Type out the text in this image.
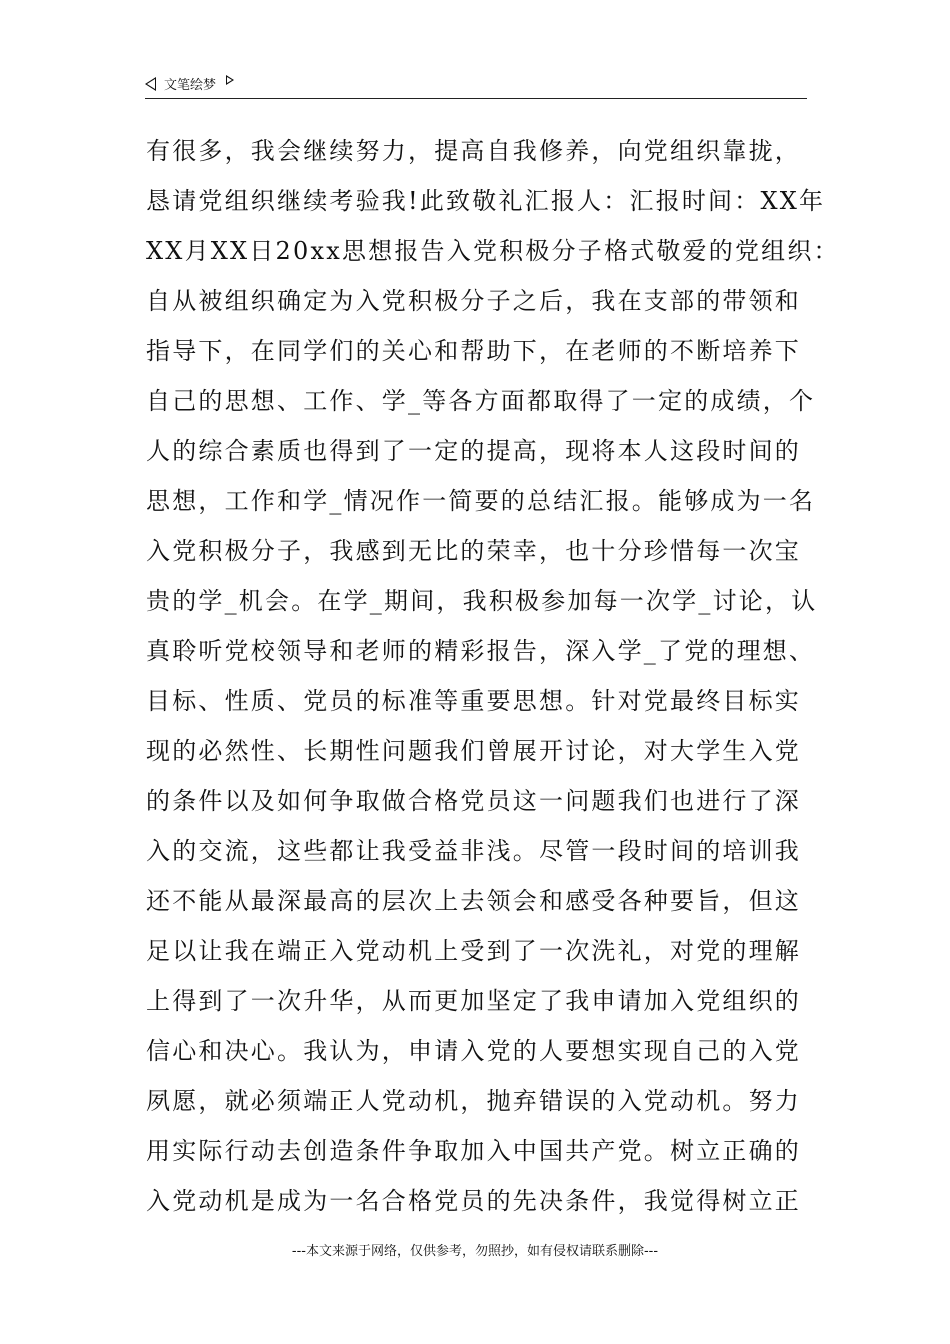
文笔绘梦
有很多，我会继续努力，提高自我修养，向党组织靠拢，
恳请党组织继续考验我!此致敬礼汇报人：汇报时间：XX年
XX月XX日20xx思想报告入党积极分子格式敬爱的党组织：
自从被组织确定为入党积极分子之后，我在支部的带领和
指导下，在同学们的关心和帮助下，在老师的不断培养下
自己的思想、工作、学_等各方面都取得了一定的成绩，个
人的综合素质也得到了一定的提高，现将本人这段时间的
思想，工作和学_情况作一简要的总结汇报。能够成为一名
入党积极分子，我感到无比的荣幸，也十分珍惜每一次宝
贵的学_机会。在学_期间，我积极参加每一次学_讨论，认
真聆听党校领导和老师的精彩报告，深入学_了党的理想、
目标、性质、党员的标准等重要思想。针对党最终目标实
现的必然性、长期性问题我们曾展开讨论，对大学生入党
的条件以及如何争取做合格党员这一问题我们也进行了深
入的交流，这些都让我受益非浅。尽管一段时间的培训我
还不能从最深最高的层次上去领会和感受各种要旨，但这
足以让我在端正入党动机上受到了一次洗礼，对党的理解
上得到了一次升华，从而更加坚定了我申请加入党组织的
信心和决心。我认为，申请入党的人要想实现自己的入党
夙愿，就必须端正人党动机，抛弃错误的入党动机。努力
用实际行动去创造条件争取加入中国共产党。树立正确的
入党动机是成为一名合格党员的先决条件，我觉得树立正
---本文来源于网络，仅供参考，勿照抄，如有侵权请联系删除---
